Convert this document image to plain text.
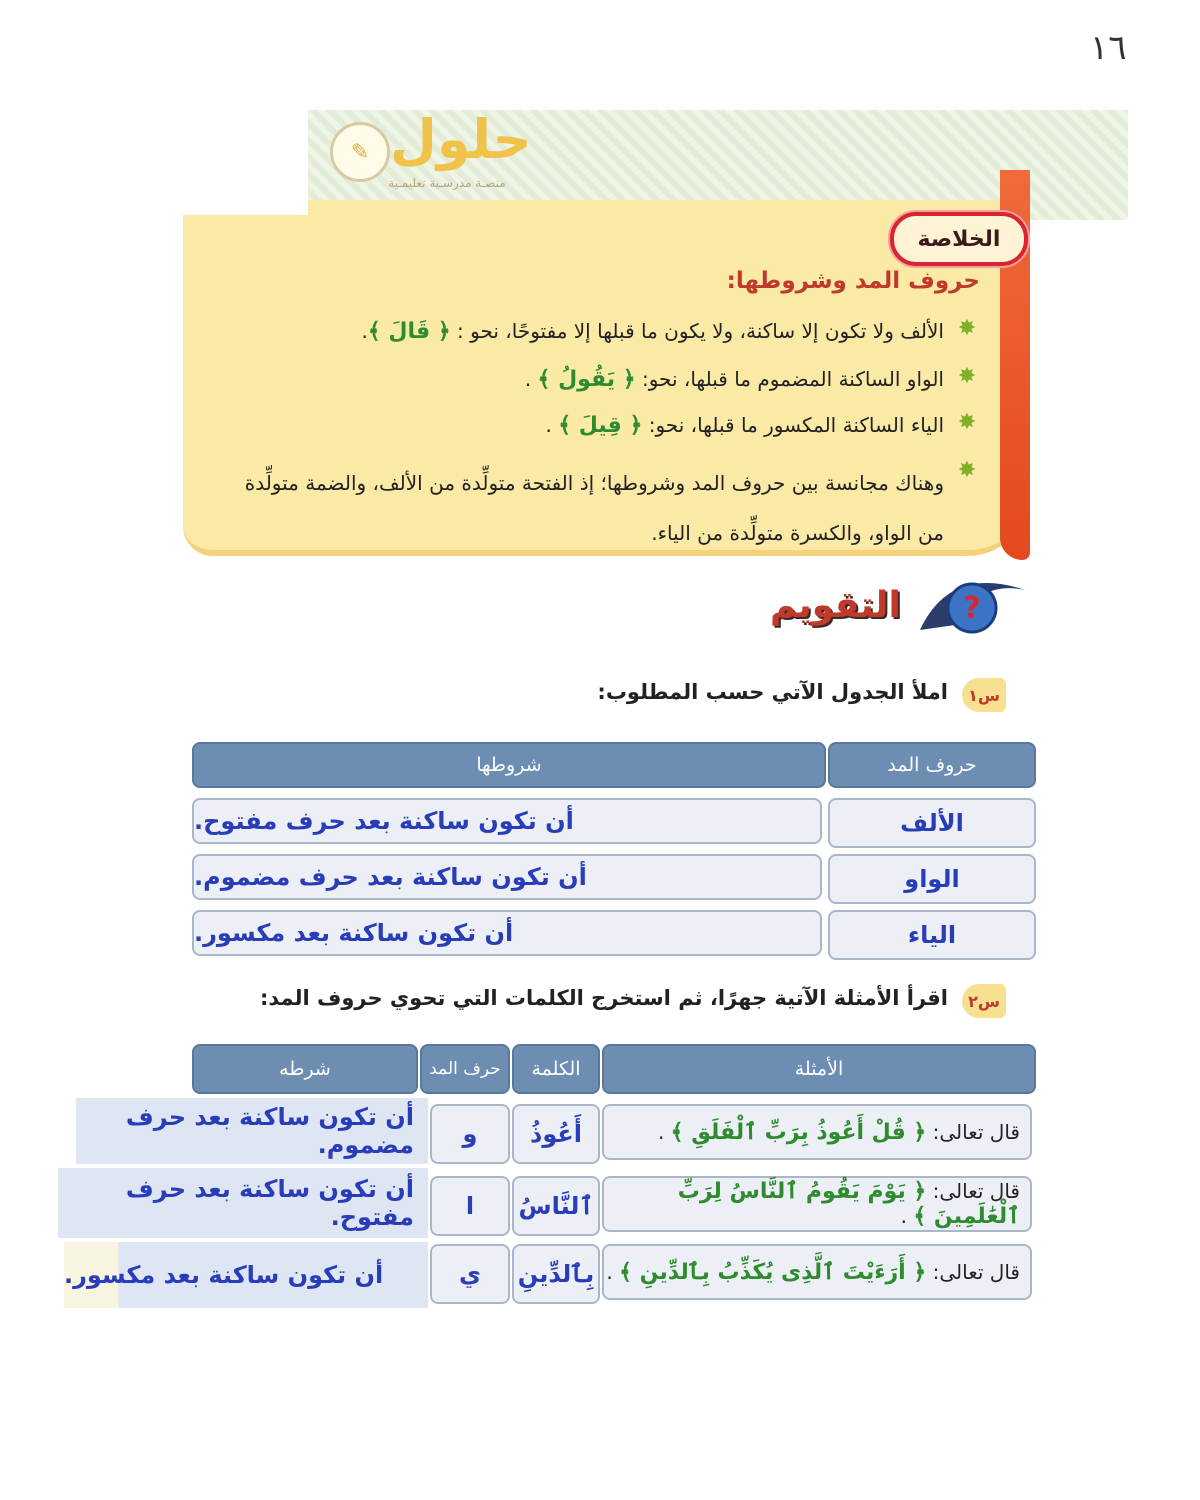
١٦
✎ حلول
منصـة مدرسـية تعليمـية
الخلاصة
حروف المد وشروطها:
✸
الألف ولا تكون إلا ساكنة، ولا يكون ما قبلها إلا مفتوحًا، نحو : ﴿ قَالَ ﴾.
✸
الواو الساكنة المضموم ما قبلها، نحو: ﴿ يَقُولُ ﴾ .
✸
الياء الساكنة المكسور ما قبلها، نحو: ﴿ قِيلَ ﴾ .
✸
وهناك مجانسة بين حروف المد وشروطها؛ إذ الفتحة متولِّدة من الألف، والضمة متولِّدة من الواو، والكسرة متولِّدة من الياء.
?
التقويم
س١
املأ الجدول الآتي حسب المطلوب:
حروف المد
شروطها
الألف
أن تكون ساكنة بعد حرف مفتوح.
الواو
أن تكون ساكنة بعد حرف مضموم.
الياء
أن تكون ساكنة بعد مكسور.
س٢
اقرأ الأمثلة الآتية جهرًا، ثم استخرج الكلمات التي تحوي حروف المد:
الأمثلة
الكلمة
حرف المد
شرطه
قال تعالى: ﴿ قُلْ أَعُوذُ بِرَبِّ ٱلْفَلَقِ ﴾ .
أَعُوذُ
و
أن تكون ساكنة بعد حرف مضموم.
قال تعالى: ﴿ يَوْمَ يَقُومُ ٱلنَّاسُ لِرَبِّ ٱلْعَٰلَمِينَ ﴾ .
ٱلنَّاسُ
ا
أن تكون ساكنة بعد حرف مفتوح.
قال تعالى: ﴿ أَرَءَيْتَ ٱلَّذِى يُكَذِّبُ بِٱلدِّينِ ﴾ .
بِٱلدِّينِ
ي
أن تكون ساكنة بعد مكسور.
